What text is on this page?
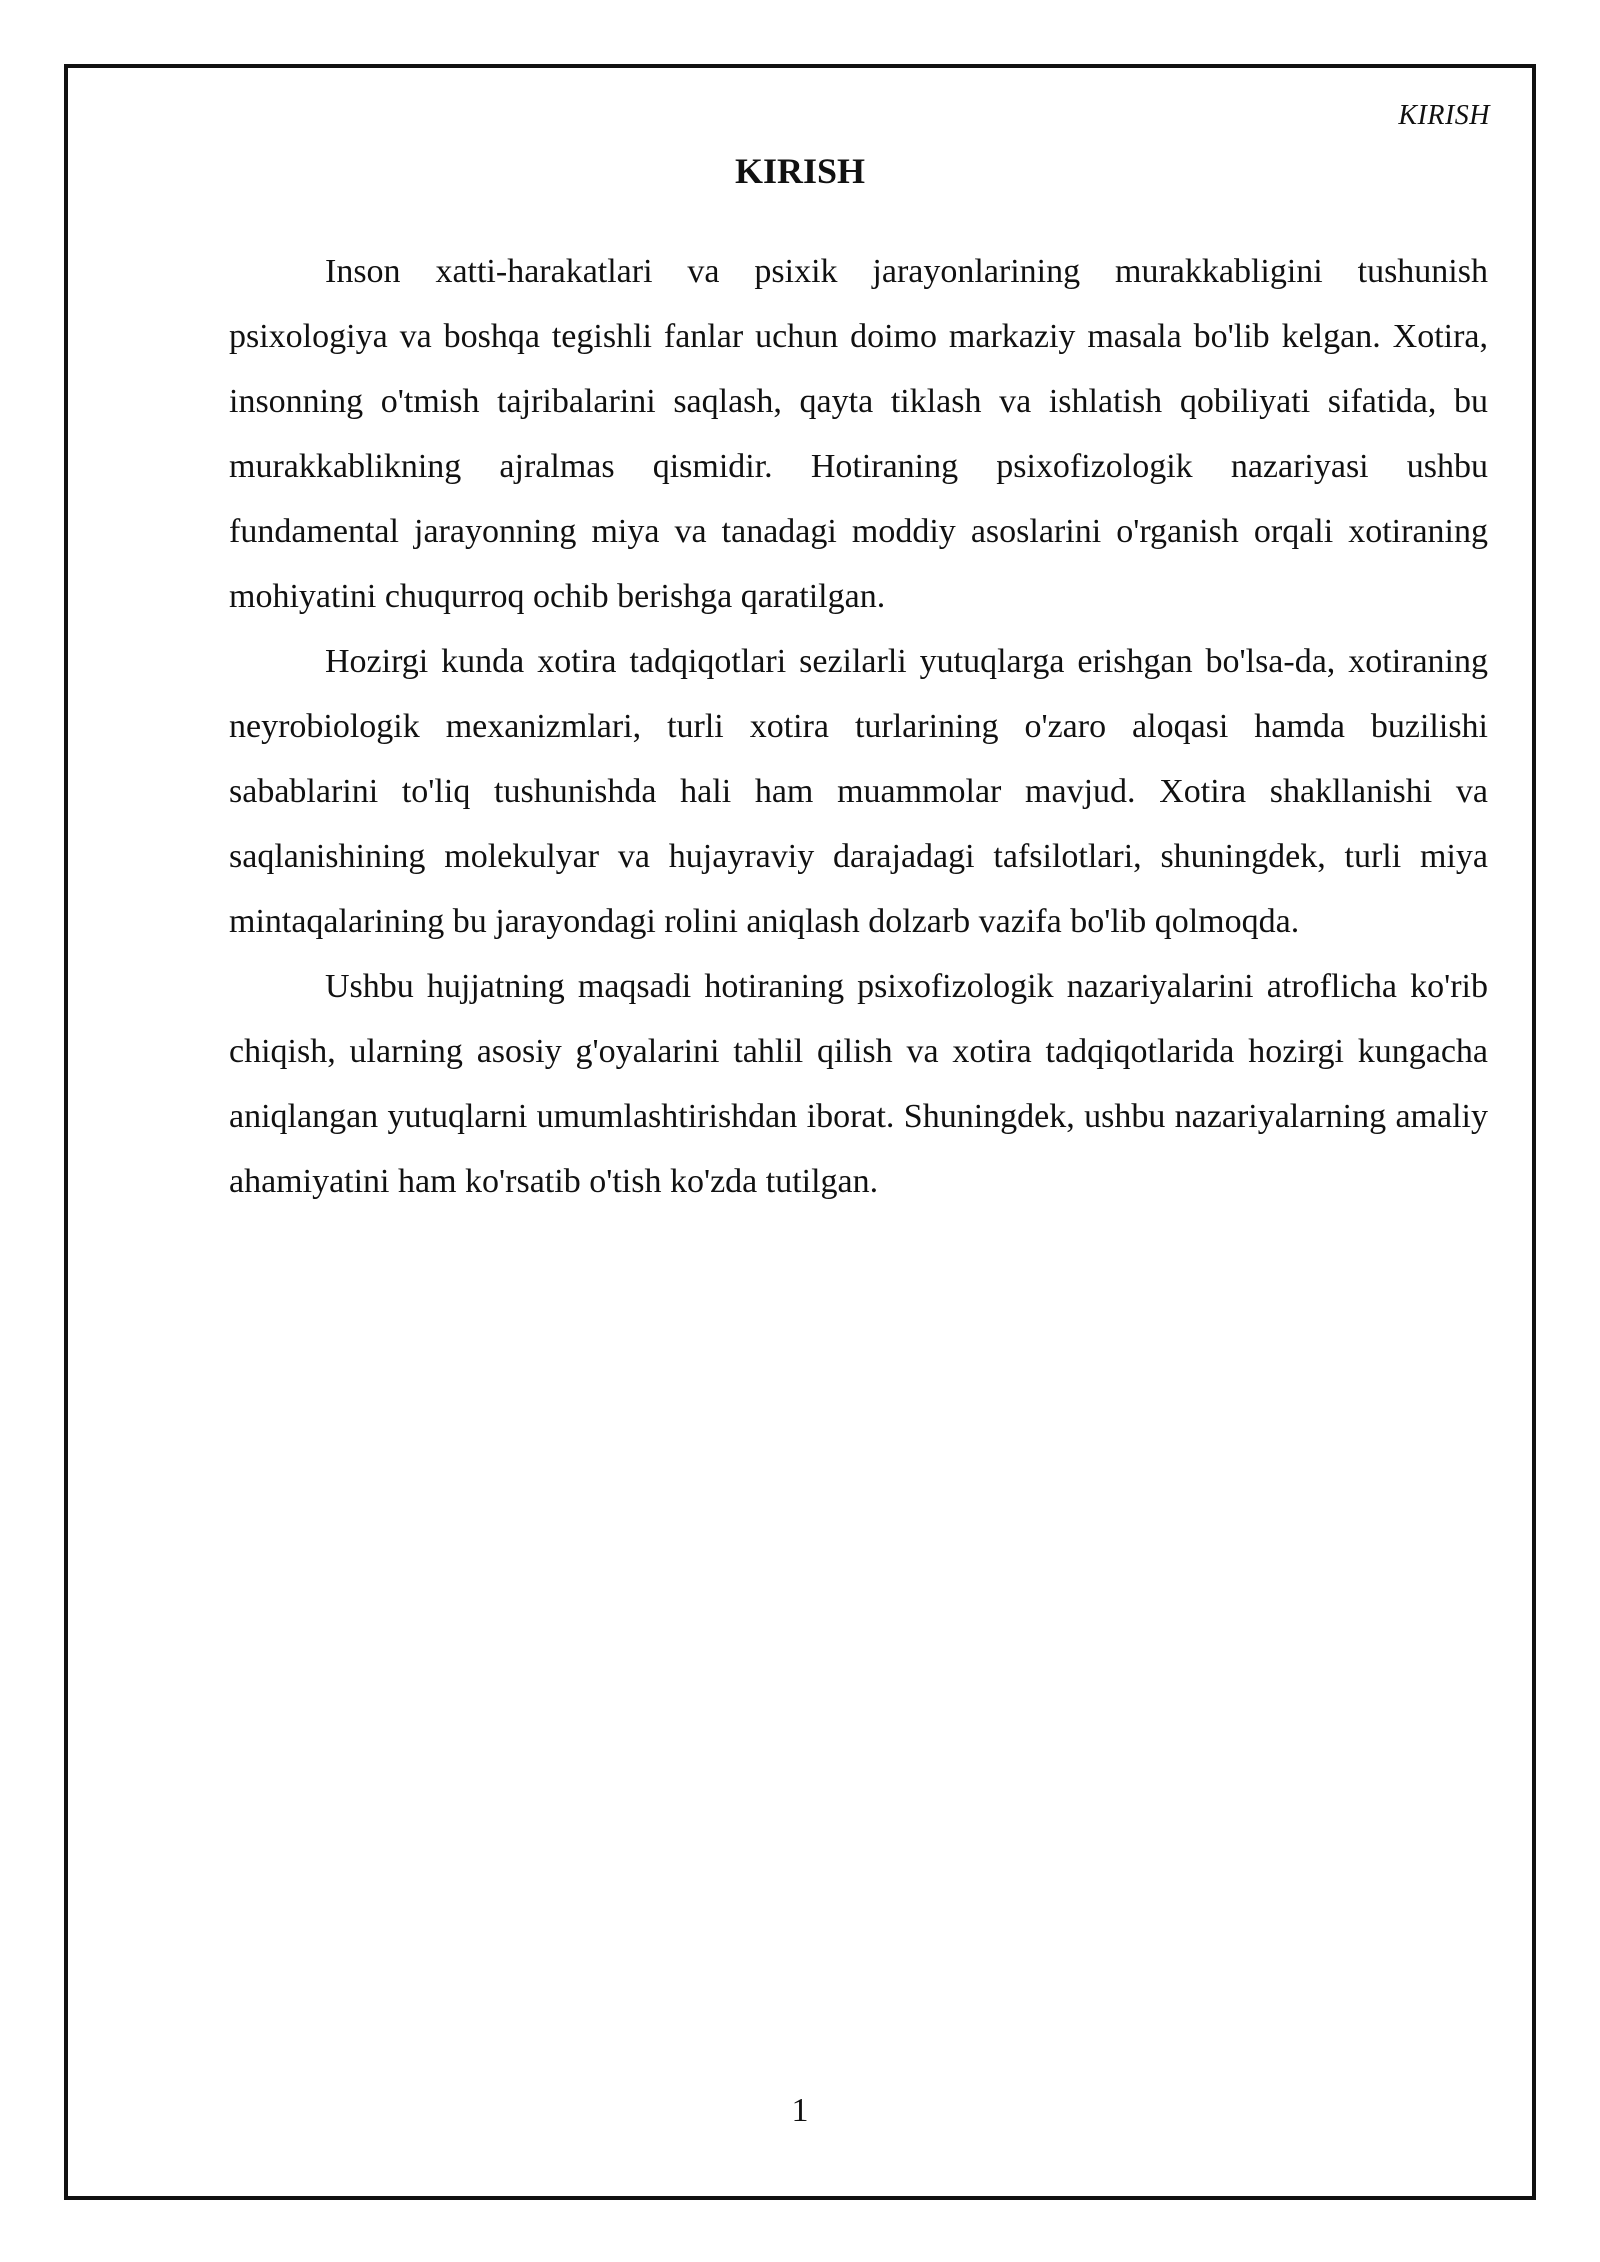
KIRISH
KIRISH

Inson xatti-harakatlari va psixik jarayonlarining murakkabligini tushunish psixologiya va boshqa tegishli fanlar uchun doimo markaziy masala bo'lib kelgan. Xotira, insonning o'tmish tajribalarini saqlash, qayta tiklash va ishlatish qobiliyati sifatida, bu murakkablikning ajralmas qismidir. Hotiraning psixofizologik nazariyasi ushbu fundamental jarayonning miya va tanadagi moddiy asoslarini o'rganish orqali xotiraning mohiyatini chuqurroq ochib berishga qaratilgan.

Hozirgi kunda xotira tadqiqotlari sezilarli yutuqlarga erishgan bo'lsa-da, xotiraning neyrobiologik mexanizmlari, turli xotira turlarining o'zaro aloqasi hamda buzilishi sabablarini to'liq tushunishda hali ham muammolar mavjud. Xotira shakllanishi va saqlanishining molekulyar va hujayraviy darajadagi tafsilotlari, shuningdek, turli miya mintaqalarining bu jarayondagi rolini aniqlash dolzarb vazifa bo'lib qolmoqda.

Ushbu hujjatning maqsadi hotiraning psixofizologik nazariyalarini atroflicha ko'rib chiqish, ularning asosiy g'oyalarini tahlil qilish va xotira tadqiqotlarida hozirgi kungacha aniqlangan yutuqlarni umumlashtirishdan iborat. Shuningdek, ushbu nazariyalarning amaliy ahamiyatini ham ko'rsatib o'tish ko'zda tutilgan.

1
